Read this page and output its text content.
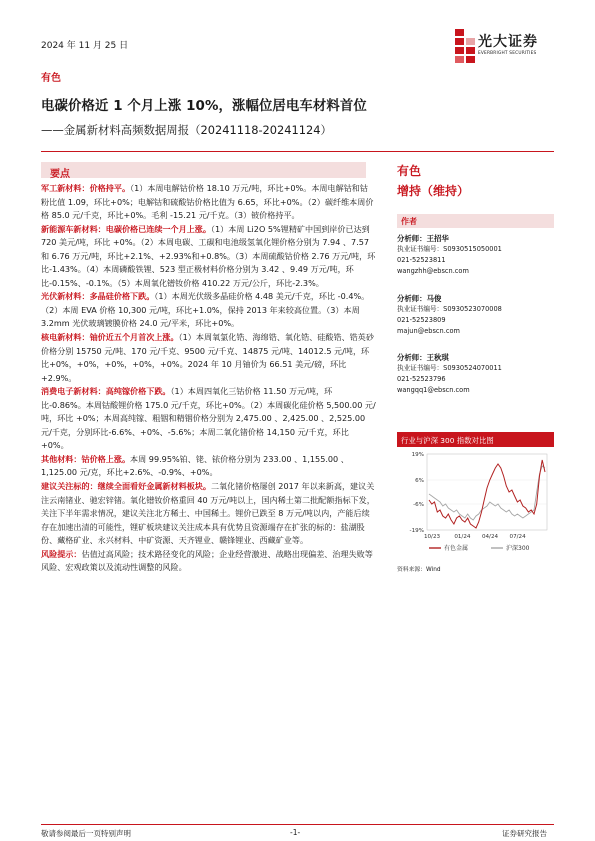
2024 年 11 月 25 日	光大证券
EVERBRIGHT SECURITIES
有色
电碳价格近 1 个月上涨 10%，涨幅位居电车材料首位
——金属新材料高频数据周报（20241118-20241124）
要点

军工新材料：价格持平。（1）本周电解钴价格 18.10 万元/吨，环比+0%。本周电解钴和钴粉比值 1.09，环比+0%；电解钴和硫酸钴价格比值为 6.65，环比+0%。（2）碳纤维本周价格 85.0 元/千克，环比+0%。毛利 -15.21 元/千克。（3）铍价格持平。

新能源车新材料：电碳价格已连续一个月上涨。（1）本周 Li2O 5%锂精矿中国到岸价已达到 720 美元/吨，环比 +0%。（2）本周电碳、工碳和电池级氢氧化锂价格分别为 7.94 、7.57 和 6.76 万元/吨，环比+2.1%、+2.93%和+0.8%。（3）本周硫酸钴价格 2.76 万元/吨，环比-1.43%。（4）本周磷酸铁锂、523 型正极材料价格分别为 3.42 、9.49 万元/吨，环比-0.15%、-0.1%。（5）本周氧化镨钕价格 410.22 万元/公斤，环比-2.3%。

光伏新材料：多晶硅价格下跌。（1）本周光伏级多晶硅价格 4.48 美元/千克，环比 -0.4%。（2）本周 EVA 价格 10,300 元/吨，环比+1.0%，保持 2013 年来较高位置。（3）本周 3.2mm 光伏玻璃镀膜价格 24.0 元/平米，环比+0%。

核电新材料：铀价近五个月首次上涨。（1）本周氧氯化锆、海绵锆、氧化锆、硅酸锆、锆英砂价格分别 15750 元/吨、170 元/千克、9500 元/千克、14875 元/吨、14012.5 元/吨，环比+0%，+0%，+0%，+0%，+0%。2024 年 10 月铀价为 66.51 美元/磅，环比+2.9%。

消费电子新材料：高纯镓价格下跌。（1）本周四氧化三钴价格 11.50 万元/吨，环比-0.86%。本周钴酸锂价格 175.0 元/千克，环比+0%。（2）本周碳化硅价格 5,500.00 元/吨，环比 +0%；本周高纯镓、粗铟和精铟价格分别为 2,475.00 、2,425.00 、2,525.00 元/千克，分别环比-6.6%、+0%、-5.6%；本周二氧化锗价格 14,150 元/千克，环比+0%。

其他材料：钴价格上涨。本周 99.95%铂、铑、铱价格分别为 233.00 、1,155.00 、1,125.00 元/克，环比+2.6%、-0.9%、+0%。

建议关注标的：继续全面看好金属新材料板块。二氧化锗价格屡创 2017 年以来新高，建议关注云南锗业、驰宏锌锗。氧化镨钕价格重回 40 万元/吨以上，国内稀土第二批配额指标下发，关注下半年需求情况，建议关注北方稀土、中国稀土。锂价已跌至 8 万元/吨以内，产能后续存在加速出清的可能性，锂矿板块建议关注成本具有优势且资源端存在扩张的标的：盐湖股份、藏格矿业、永兴材料、中矿资源、天齐锂业、赣锋锂业、西藏矿业等。

风险提示：估值过高风险；技术路径变化的风险；企业经营激进、战略出现偏差、治理失败等风险、宏观政策以及流动性调整的风险。

有色
增持（维持）
作者
分析师：王招华
执业证书编号：S0930515050001
021-52523811
wangzhh@ebscn.com
分析师：马俊
执业证书编号：S0930523070008
021-52523809
majun@ebscn.com
分析师：王秋琪
执业证书编号：S0930524070011
021-52523796
wangqq1@ebscn.com
行业与沪深 300 指数对比图
19%
6%
-6%
-19%
10/23	01/24 04/24 07/24
有色金属	沪深300
资料来源：Wind
敬请参阅最后一页特别声明	-1-	证券研究报告
